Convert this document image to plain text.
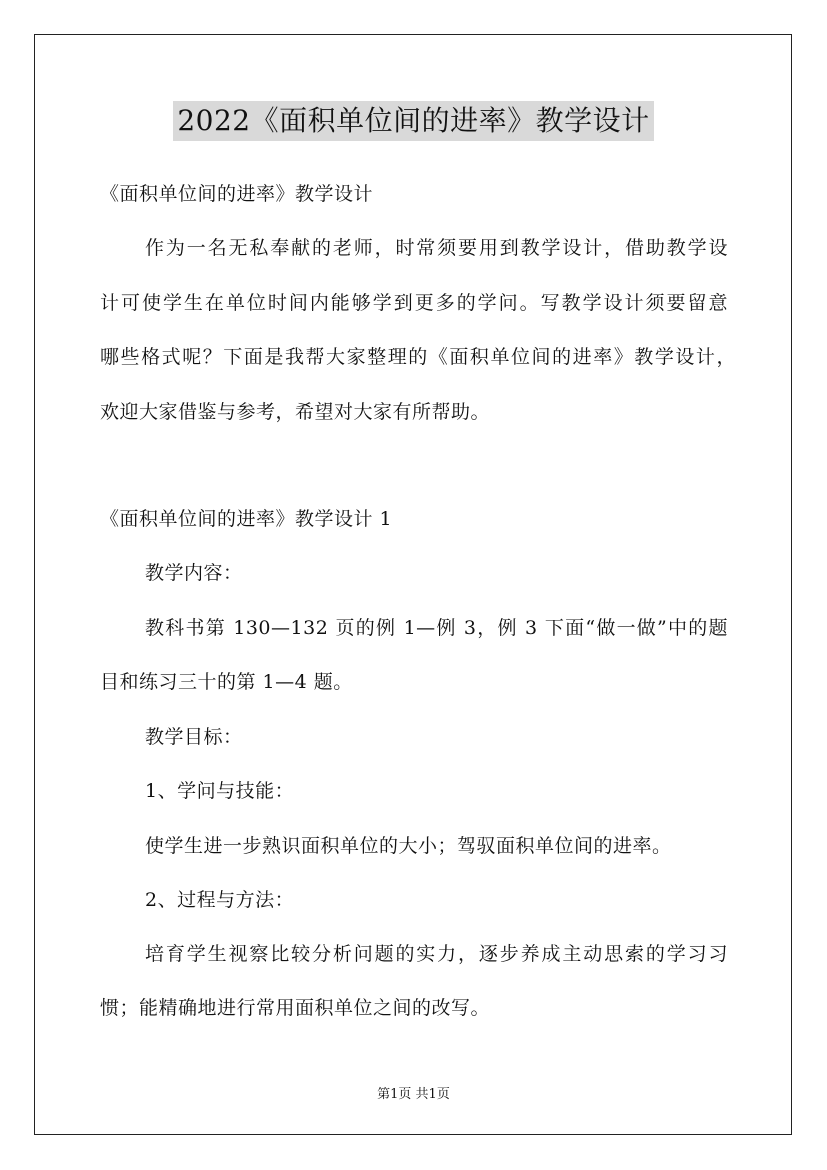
2022《面积单位间的进率》教学设计
《面积单位间的进率》教学设计
作为一名无私奉献的老师，时常须要用到教学设计，借助教学设
计可使学生在单位时间内能够学到更多的学问。写教学设计须要留意
哪些格式呢？下面是我帮大家整理的《面积单位间的进率》教学设计，
欢迎大家借鉴与参考，希望对大家有所帮助。
《面积单位间的进率》教学设计 1
教学内容：
教科书第 130—132 页的例 1—例 3，例 3 下面“做一做”中的题
目和练习三十的第 1—4 题。
教学目标：
1、学问与技能：
使学生进一步熟识面积单位的大小；驾驭面积单位间的进率。
2、过程与方法：
培育学生视察比较分析问题的实力，逐步养成主动思索的学习习
惯；能精确地进行常用面积单位之间的改写。
第1页 共1页
